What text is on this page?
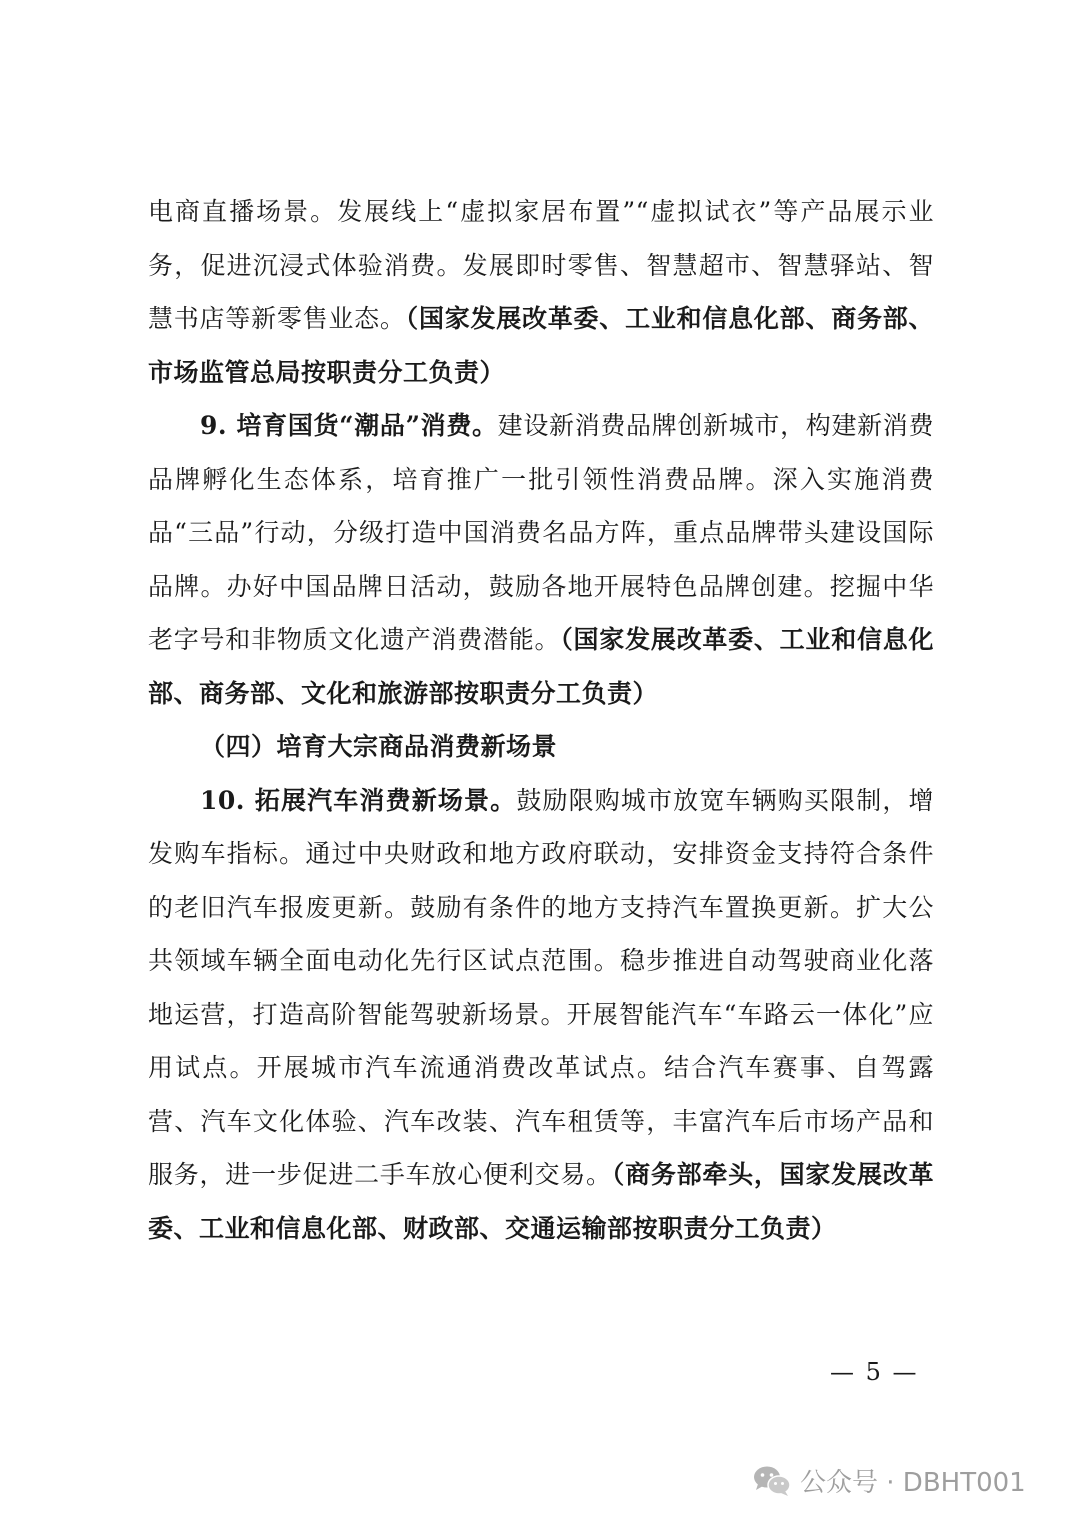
电商直播场景。发展线上“虚拟家居布置”“虚拟试衣”等产品展示业务，促进沉浸式体验消费。发展即时零售、智慧超市、智慧驿站、智慧书店等新零售业态。（国家发展改革委、工业和信息化部、商务部、市场监管总局按职责分工负责）

9. 培育国货“潮品”消费。建设新消费品牌创新城市，构建新消费品牌孵化生态体系，培育推广一批引领性消费品牌。深入实施消费品“三品”行动，分级打造中国消费名品方阵，重点品牌带头建设国际品牌。办好中国品牌日活动，鼓励各地开展特色品牌创建。挖掘中华老字号和非物质文化遗产消费潜能。（国家发展改革委、工业和信息化部、商务部、文化和旅游部按职责分工负责）

（四）培育大宗商品消费新场景

10. 拓展汽车消费新场景。鼓励限购城市放宽车辆购买限制，增发购车指标。通过中央财政和地方政府联动，安排资金支持符合条件的老旧汽车报废更新。鼓励有条件的地方支持汽车置换更新。扩大公共领域车辆全面电动化先行区试点范围。稳步推进自动驾驶商业化落地运营，打造高阶智能驾驶新场景。开展智能汽车“车路云一体化”应用试点。开展城市汽车流通消费改革试点。结合汽车赛事、自驾露营、汽车文化体验、汽车改装、汽车租赁等，丰富汽车后市场产品和服务，进一步促进二手车放心便利交易。（商务部牵头，国家发展改革委、工业和信息化部、财政部、交通运输部按职责分工负责）

— 5 —
公众号 · DBHT001
